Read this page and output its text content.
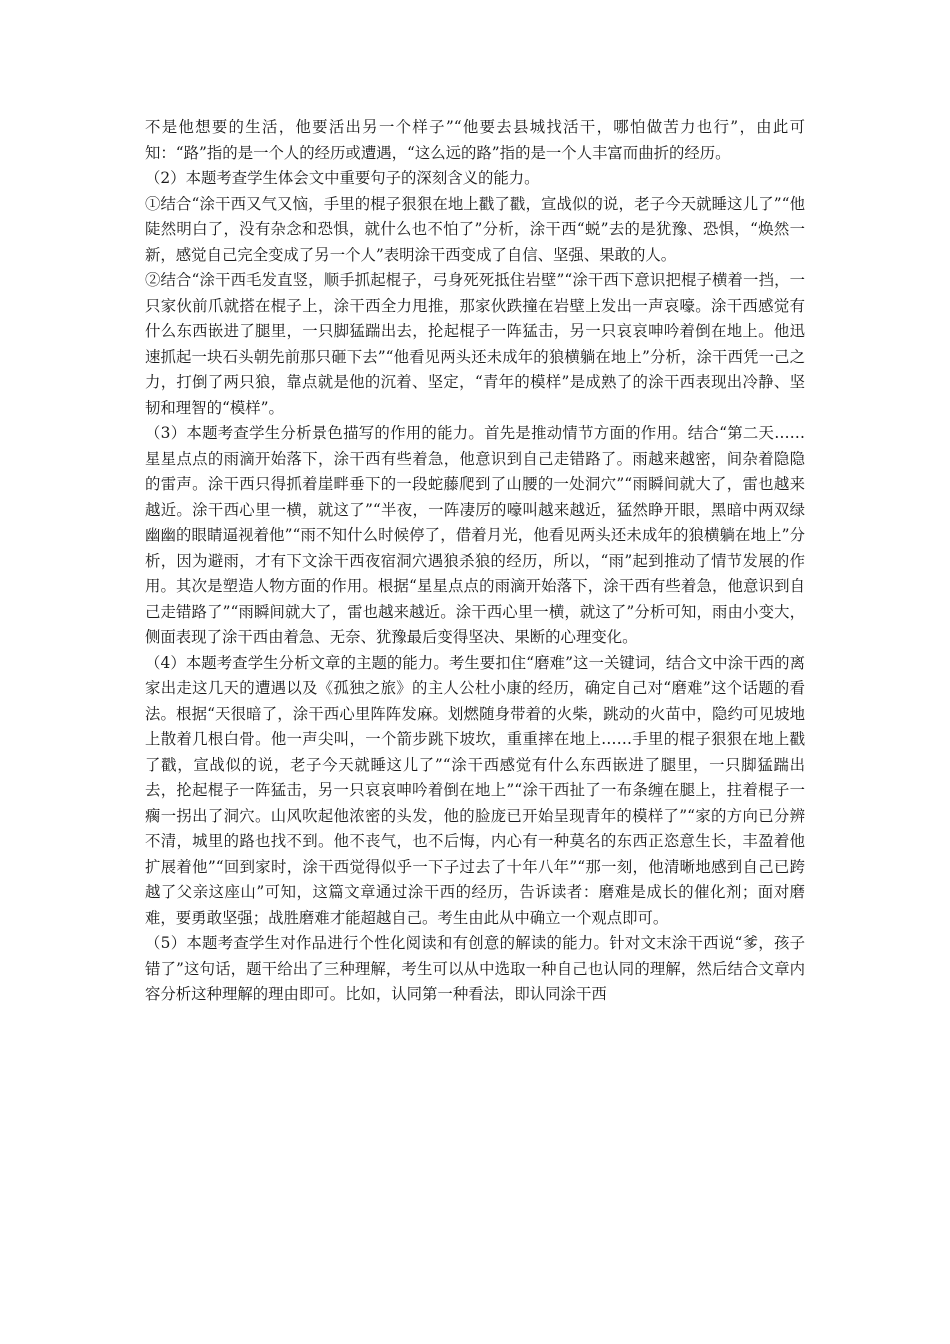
不是他想要的生活，他要活出另一个样子”“他要去县城找活干，哪怕做苦力也行”，由此可知：“路”指的是一个人的经历或遭遇，“这么远的路”指的是一个人丰富而曲折的经历。

（2）本题考查学生体会文中重要句子的深刻含义的能力。

①结合“涂干西又气又恼，手里的棍子狠狠在地上戳了戳，宣战似的说，老子今天就睡这儿了”“他陡然明白了，没有杂念和恐惧，就什么也不怕了”分析，涂干西“蜕”去的是犹豫、恐惧，“焕然一新，感觉自己完全变成了另一个人”表明涂干西变成了自信、坚强、果敢的人。

②结合“涂干西毛发直竖，顺手抓起棍子，弓身死死抵住岩壁”“涂干西下意识把棍子横着一挡，一只家伙前爪就搭在棍子上，涂干西全力甩推，那家伙跌撞在岩壁上发出一声哀嚎。涂干西感觉有什么东西嵌进了腿里，一只脚猛踹出去，抡起棍子一阵猛击，另一只哀哀呻吟着倒在地上。他迅速抓起一块石头朝先前那只砸下去”“他看见两头还未成年的狼横躺在地上”分析，涂干西凭一己之力，打倒了两只狼，靠点就是他的沉着、坚定，“青年的模样”是成熟了的涂干西表现出冷静、坚韧和理智的“模样”。

（3）本题考查学生分析景色描写的作用的能力。首先是推动情节方面的作用。结合“第二天……星星点点的雨滴开始落下，涂干西有些着急，他意识到自己走错路了。雨越来越密，间杂着隐隐的雷声。涂干西只得抓着崖畔垂下的一段蛇藤爬到了山腰的一处洞穴”“雨瞬间就大了，雷也越来越近。涂干西心里一横，就这了”“半夜，一阵凄厉的嚎叫越来越近，猛然睁开眼，黑暗中两双绿幽幽的眼睛逼视着他”“雨不知什么时候停了，借着月光，他看见两头还未成年的狼横躺在地上”分析，因为避雨，才有下文涂干西夜宿洞穴遇狼杀狼的经历，所以，“雨”起到推动了情节发展的作用。其次是塑造人物方面的作用。根据“星星点点的雨滴开始落下，涂干西有些着急，他意识到自己走错路了”“雨瞬间就大了，雷也越来越近。涂干西心里一横，就这了”分析可知，雨由小变大，侧面表现了涂干西由着急、无奈、犹豫最后变得坚决、果断的心理变化。

（4）本题考查学生分析文章的主题的能力。考生要扣住“磨难”这一关键词，结合文中涂干西的离家出走这几天的遭遇以及《孤独之旅》的主人公杜小康的经历，确定自己对“磨难”这个话题的看法。根据“天很暗了，涂干西心里阵阵发麻。划燃随身带着的火柴，跳动的火苗中，隐约可见坡地上散着几根白骨。他一声尖叫，一个箭步跳下坡坎，重重摔在地上……手里的棍子狠狠在地上戳了戳，宣战似的说，老子今天就睡这儿了”“涂干西感觉有什么东西嵌进了腿里，一只脚猛踹出去，抡起棍子一阵猛击，另一只哀哀呻吟着倒在地上”“涂干西扯了一布条缠在腿上，拄着棍子一瘸一拐出了洞穴。山风吹起他浓密的头发，他的脸庞已开始呈现青年的模样了”“家的方向已分辨不清，城里的路也找不到。他不丧气，也不后悔，内心有一种莫名的东西正恣意生长，丰盈着他扩展着他”“回到家时，涂干西觉得似乎一下子过去了十年八年”“那一刻，他清晰地感到自己已跨越了父亲这座山”可知，这篇文章通过涂干西的经历，告诉读者：磨难是成长的催化剂；面对磨难，要勇敢坚强；战胜磨难才能超越自己。考生由此从中确立一个观点即可。

（5）本题考查学生对作品进行个性化阅读和有创意的解读的能力。针对文末涂干西说“爹，孩子错了”这句话，题干给出了三种理解，考生可以从中选取一种自己也认同的理解，然后结合文章内容分析这种理解的理由即可。比如，认同第一种看法，即认同涂干西
